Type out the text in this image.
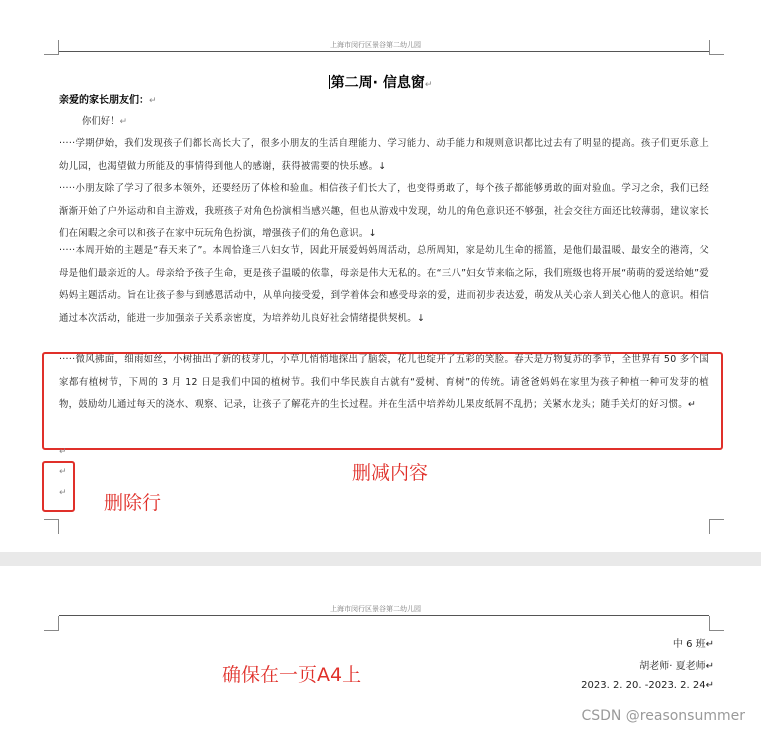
上海市闵行区景谷第二幼儿园
第二周· 信息窗↵
亲爱的家长朋友们：↵
你们好！↵
·····学期伊始，我们发现孩子们都长高长大了，很多小朋友的生活自理能力、学习能力、动手能力和规则意识都比过去有了明显的提高。孩子们更乐意上幼儿园，也渴望做力所能及的事情得到他人的感谢，获得被需要的快乐感。↓
·····小朋友除了学习了很多本领外，还要经历了体检和验血。相信孩子们长大了，也变得勇敢了，每个孩子都能够勇敢的面对验血。学习之余，我们已经渐渐开始了户外运动和自主游戏，我班孩子对角色扮演相当感兴趣，但也从游戏中发现，幼儿的角色意识还不够强，社会交往方面还比较薄弱，建议家长们在闲暇之余可以和孩子在家中玩玩角色扮演，增强孩子们的角色意识。↓
·····本周开始的主题是“春天来了”。本周恰逢三八妇女节，因此开展爱妈妈周活动，总所周知，家是幼儿生命的摇篮，是他们最温暖、最安全的港湾，父母是他们最亲近的人。母亲给予孩子生命，更是孩子温暖的依靠，母亲是伟大无私的。在“三八”妇女节来临之际，我们班级也将开展“萌萌的爱送给她”爱妈妈主题活动。旨在让孩子参与到感恩活动中，从单向接受爱，到学着体会和感受母亲的爱，进而初步表达爱，萌发从关心亲人到关心他人的意识。相信通过本次活动，能进一步加强亲子关系亲密度，为培养幼儿良好社会情绪提供契机。↓
·····微风拂面，细雨如丝，小树抽出了新的枝芽儿，小草儿悄悄地探出了脑袋，花儿也绽开了五彩的笑脸。春天是万物复苏的季节，全世界有 50 多个国家都有植树节，下周的 3 月 12 日是我们中国的植树节。我们中华民族自古就有“爱树、育树”的传统。请爸爸妈妈在家里为孩子种植一种可发芽的植物，鼓励幼儿通过每天的浇水、观察、记录，让孩子了解花卉的生长过程。并在生活中培养幼儿果皮纸屑不乱扔；关紧水龙头；随手关灯的好习惯。↵
↵
删减内容
↵
↵ 删除行
上海市闵行区景谷第二幼儿园
中 6 班↵
胡老师· 夏老师↵
2023. 2. 20. -2023. 2. 24↵
确保在一页A4上
CSDN @reasonsummer
